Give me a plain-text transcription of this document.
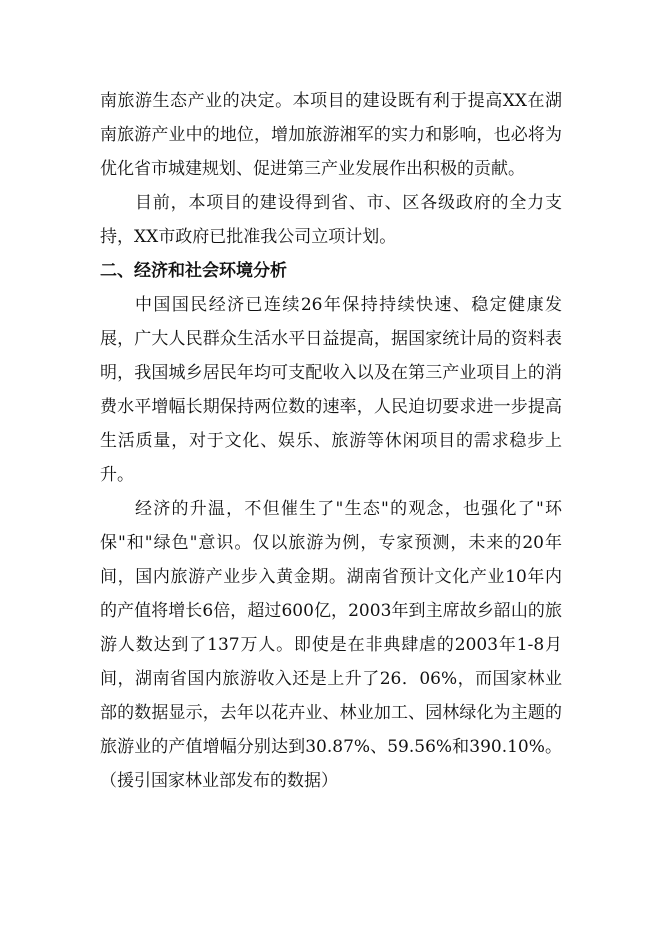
南旅游生态产业的决定。本项目的建设既有利于提高XX在湖南旅游产业中的地位，增加旅游湘军的实力和影响，也必将为优化省市城建规划、促进第三产业发展作出积极的贡献。

目前，本项目的建设得到省、市、区各级政府的全力支持，XX市政府已批准我公司立项计划。

二、经济和社会环境分析

中国国民经济已连续26年保持持续快速、稳定健康发展，广大人民群众生活水平日益提高，据国家统计局的资料表明，我国城乡居民年均可支配收入以及在第三产业项目上的消费水平增幅长期保持两位数的速率，人民迫切要求进一步提高生活质量，对于文化、娱乐、旅游等休闲项目的需求稳步上升。

经济的升温，不但催生了"生态"的观念，也强化了"环保"和"绿色"意识。仅以旅游为例，专家预测，未来的20年间，国内旅游产业步入黄金期。湖南省预计文化产业10年内的产值将增长6倍，超过600亿，2003年到主席故乡韶山的旅游人数达到了137万人。即使是在非典肆虐的2003年1-8月间，湖南省国内旅游收入还是上升了26．06%，而国家林业部的数据显示，去年以花卉业、林业加工、园林绿化为主题的旅游业的产值增幅分别达到30.87%、59.56%和390.10%。（援引国家林业部发布的数据）
